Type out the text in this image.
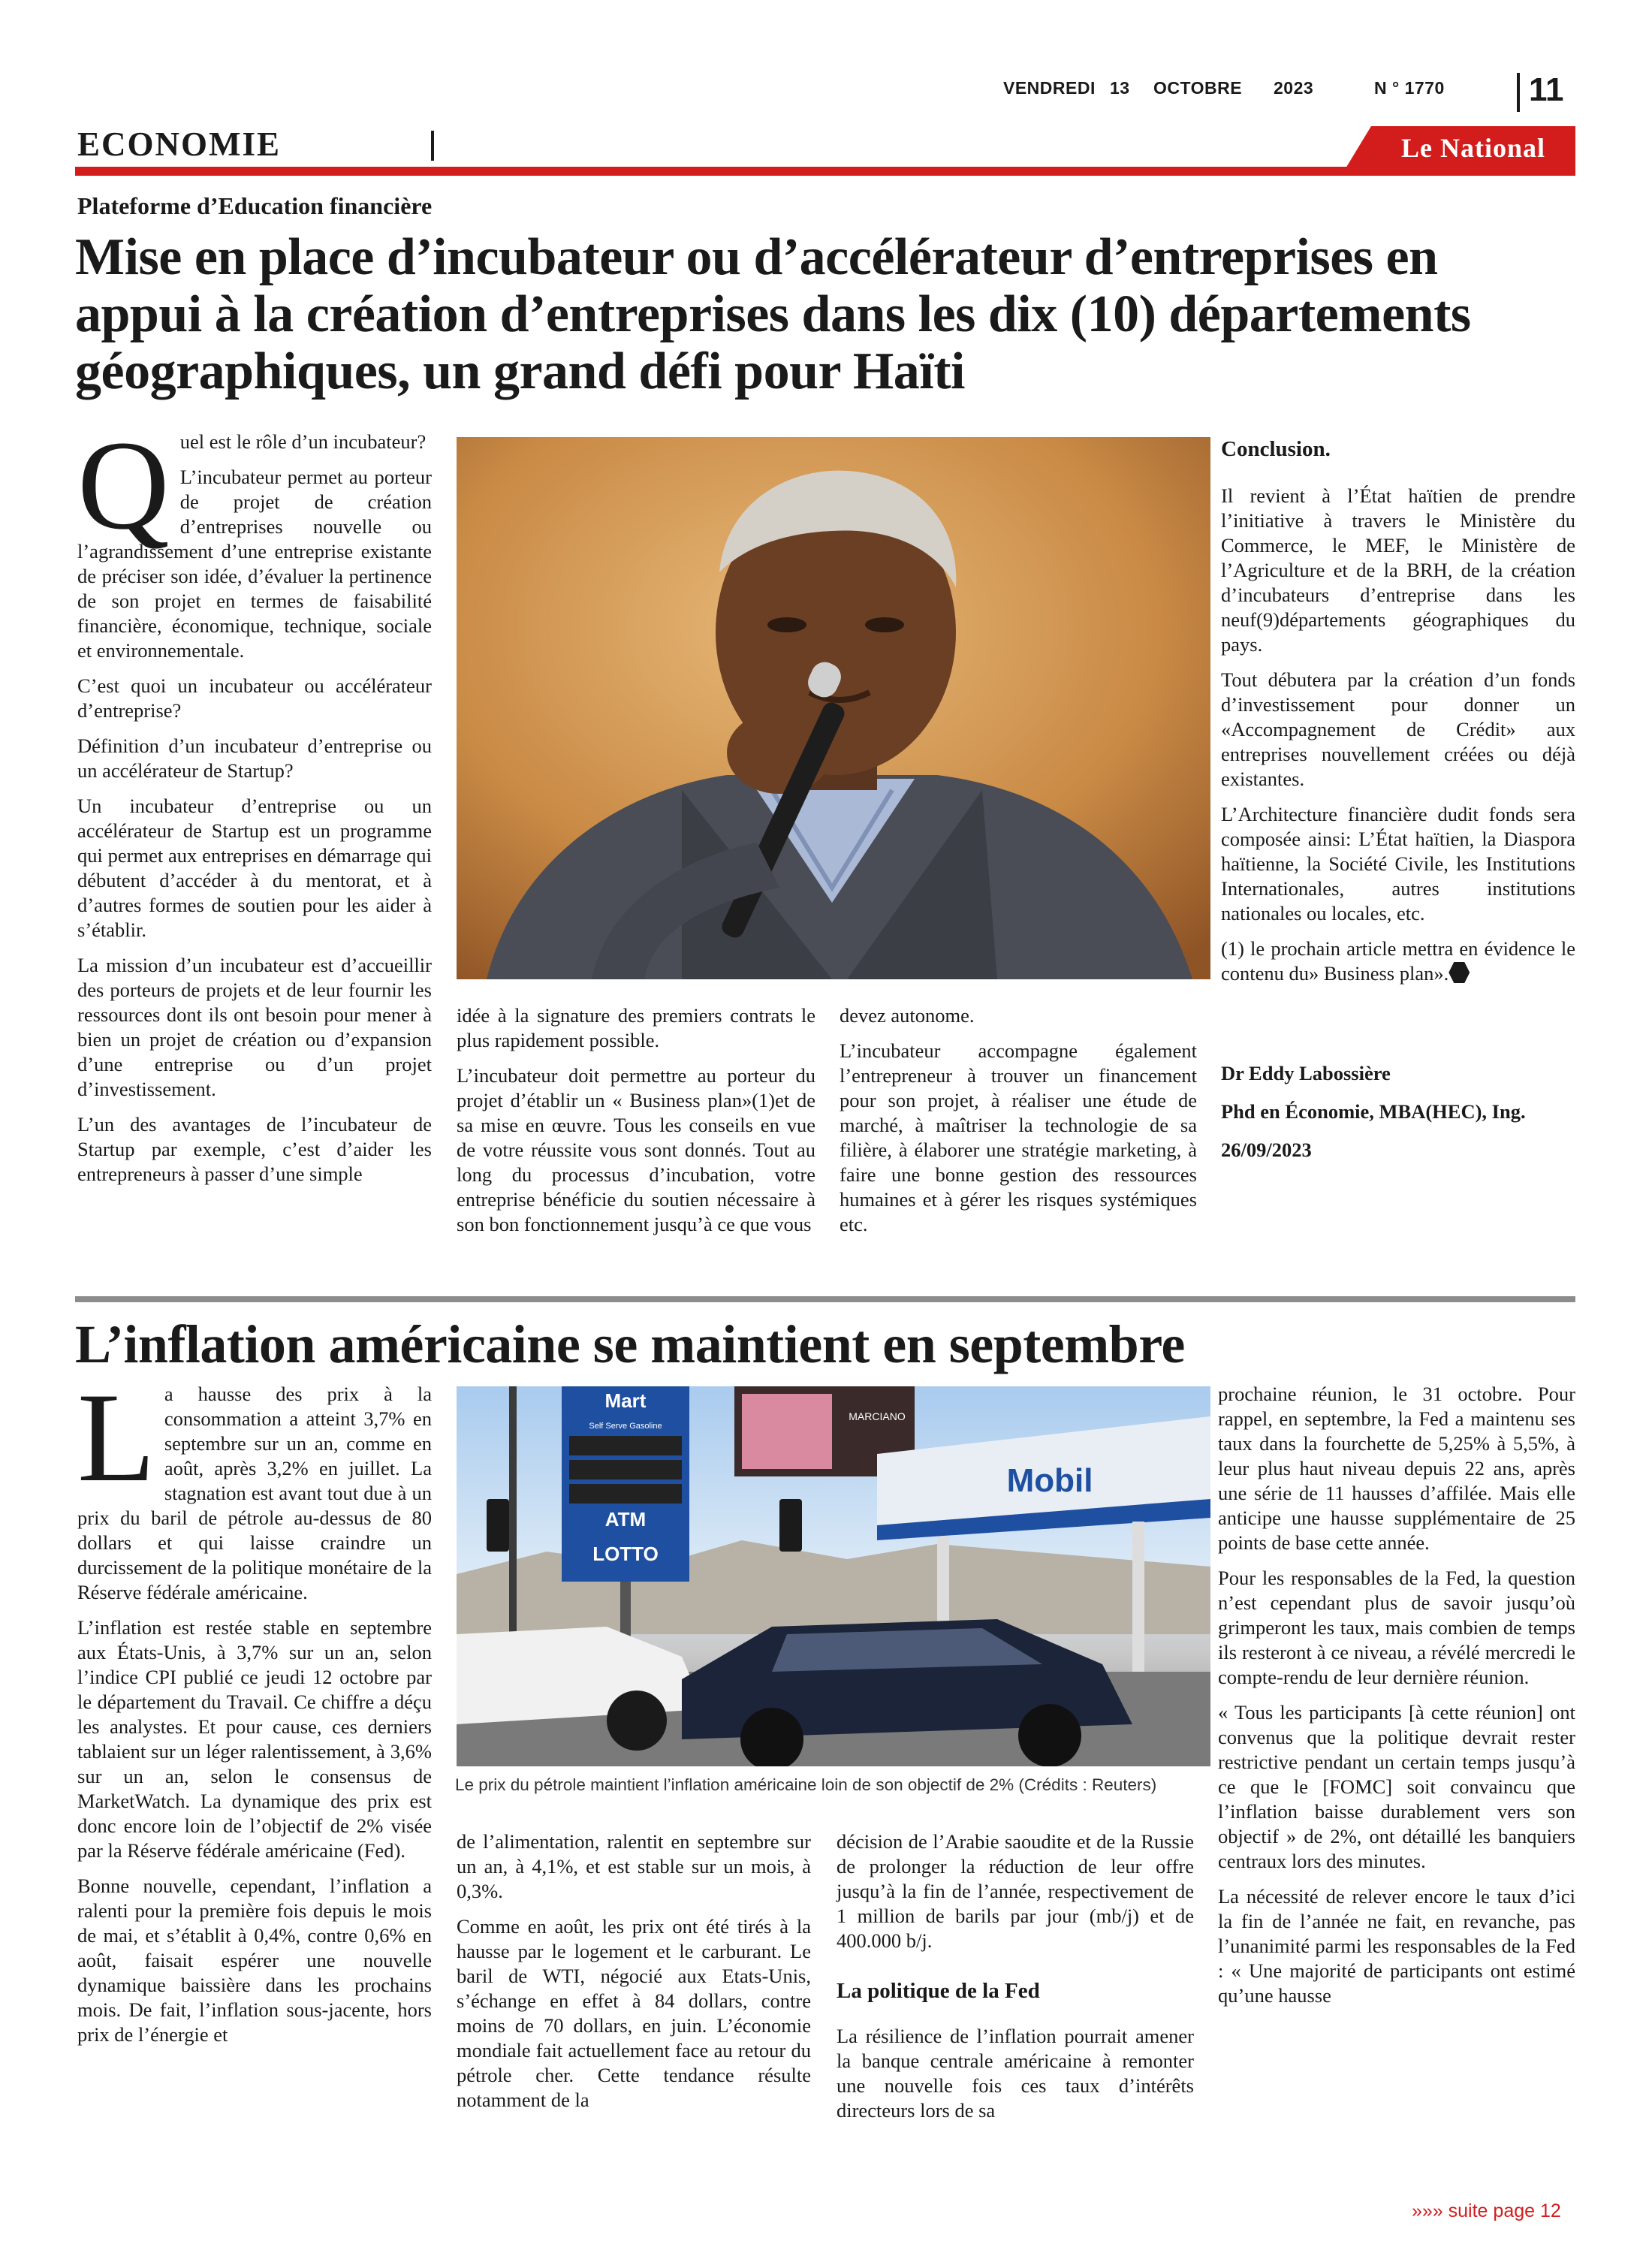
VENDREDI 13 OCTOBRE 2023	N ° 1770	11
ECONOMIE	Le National
Plateforme d’Education financière
Mise en place d’incubateur ou d’accélérateur d’entreprises en appui à la création d’entreprises dans les dix (10) départements géographiques, un grand défi pour Haïti
Q uel est le rôle d’un incubateur?

L’incubateur permet au porteur de projet de création d’entreprises nouvelle ou l’agrandissement d’une entreprise existante de préciser son idée, d’évaluer la pertinence de son projet en termes de faisabilité financière, économique, technique, sociale et environnementale.

C’est quoi un incubateur ou accélérateur d’entreprise?

Définition d’un incubateur d’entreprise ou un accélérateur de Startup?

Un incubateur d’entreprise ou un accélérateur de Startup est un programme qui permet aux entreprises en démarrage qui débutent d’accéder à du mentorat, et à d’autres formes de soutien pour les aider à s’établir.

La mission d’un incubateur est d’accueillir des porteurs de projets et de leur fournir les ressources dont ils ont besoin pour mener à bien un projet de création ou d’expansion d’une entreprise ou d’un projet d’investissement.

L’un des avantages de l’incubateur de Startup par exemple, c’est d’aider les entrepreneurs à passer d’une simple

idée à la signature des premiers contrats le plus rapidement possible.

L’incubateur doit permettre au porteur du projet d’établir un « Business plan»(1)et de sa mise en œuvre. Tous les conseils en vue de votre réussite vous sont donnés. Tout au long du processus d’incubation, votre entreprise bénéficie du soutien nécessaire à son bon fonctionnement jusqu’à ce que vous

devez autonome.

L’incubateur accompagne également l’entrepreneur à trouver un financement pour son projet, à réaliser une étude de marché, à maîtriser la technologie de sa filière, à élaborer une stratégie marketing, à faire une bonne gestion des ressources humaines et à gérer les risques systémiques etc.

Conclusion.

Il revient à l’État haïtien de prendre l’initiative à travers le Ministère du Commerce, le MEF, le Ministère de l’Agriculture et de la BRH, de la création d’incubateurs d’entreprise dans les neuf(9)départements géographiques du pays.

Tout débutera par la création d’un fonds d’investissement pour donner un «Accompagnement de Crédit» aux entreprises nouvellement créées ou déjà existantes.

L’Architecture financière dudit fonds sera composée ainsi: L’État haïtien, la Diaspora haïtienne, la Société Civile, les Institutions Internationales, autres institutions nationales ou locales, etc.

(1) le prochain article mettra en évidence le contenu du» Business plan».

Dr Eddy Labossière

Phd en Économie, MBA(HEC), Ing.

26/09/2023

L’inflation américaine se maintient en septembre
L a hausse des prix à la consommation a atteint 3,7% en septembre sur un an, comme en août, après 3,2% en juillet. La stagnation est avant tout due à un prix du baril de pétrole au-dessus de 80 dollars et qui laisse craindre un durcissement de la politique monétaire de la Réserve fédérale américaine.

L’inflation est restée stable en septembre aux États-Unis, à 3,7% sur un an, selon l’indice CPI publié ce jeudi 12 octobre par le département du Travail. Ce chiffre a déçu les analystes. Et pour cause, ces derniers tablaient sur un léger ralentissement, à 3,6% sur un an, selon le consensus de MarketWatch. La dynamique des prix est donc encore loin de l’objectif de 2% visée par la Réserve fédérale américaine (Fed).

Bonne nouvelle, cependant, l’inflation a ralenti pour la première fois depuis le mois de mai, et s’établit à 0,4%, contre 0,6% en août, faisait espérer une nouvelle dynamique baissière dans les prochains mois. De fait, l’inflation sous-jacente, hors prix de l’énergie et

MARCIANO
Mart
Self Serve Gasoline
ATM
LOTTO
Mobil
Le prix du pétrole maintient l’inflation américaine loin de son objectif de 2% (Crédits : Reuters)

de l’alimentation, ralentit en septembre sur un an, à 4,1%, et est stable sur un mois, à 0,3%.

Comme en août, les prix ont été tirés à la hausse par le logement et le carburant. Le baril de WTI, négocié aux Etats-Unis, s’échange en effet à 84 dollars, contre moins de 70 dollars, en juin. L’économie mondiale fait actuellement face au retour du pétrole cher. Cette tendance résulte notamment de la

décision de l’Arabie saoudite et de la Russie de prolonger la réduction de leur offre jusqu’à la fin de l’année, respectivement de 1 million de barils par jour (mb/j) et de 400.000 b/j.

La politique de la Fed

La résilience de l’inflation pourrait amener la banque centrale américaine à remonter une nouvelle fois ces taux d’intérêts directeurs lors de sa

prochaine réunion, le 31 octobre. Pour rappel, en septembre, la Fed a maintenu ses taux dans la fourchette de 5,25% à 5,5%, à leur plus haut niveau depuis 22 ans, après une série de 11 hausses d’affilée. Mais elle anticipe une hausse supplémentaire de 25 points de base cette année.

Pour les responsables de la Fed, la question n’est cependant plus de savoir jusqu’où grimperont les taux, mais combien de temps ils resteront à ce niveau, a révélé mercredi le compte-rendu de leur dernière réunion.

« Tous les participants [à cette réunion] ont convenus que la politique devrait rester restrictive pendant un certain temps jusqu’à ce que le [FOMC] soit convaincu que l’inflation baisse durablement vers son objectif » de 2%, ont détaillé les banquiers centraux lors des minutes.

La nécessité de relever encore le taux d’ici la fin de l’année ne fait, en revanche, pas l’unanimité parmi les responsables de la Fed : « Une majorité de participants ont estimé qu’une hausse

»»» suite page 12
